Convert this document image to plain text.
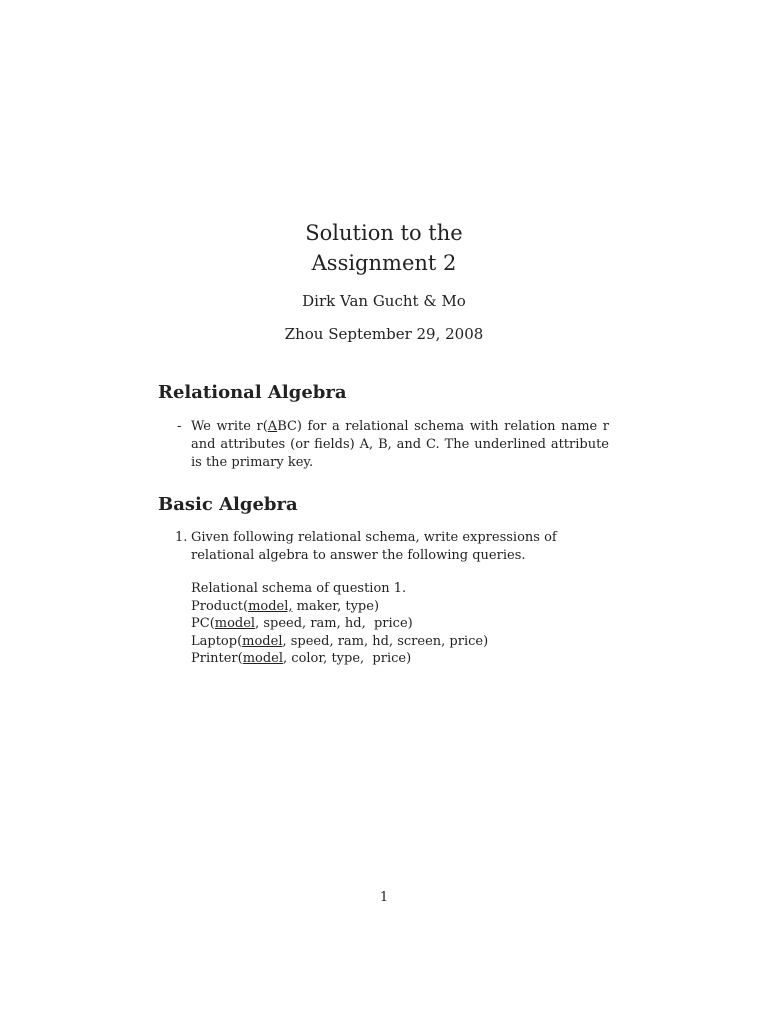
Solution to the
Assignment 2
Dirk Van Gucht & Mo
Zhou September 29, 2008
Relational Algebra
- We write r(ABC) for a relational schema with relation name r and attributes (or fields) A, B, and C. The underlined attribute is the primary key.
Basic Algebra
1. Given following relational schema, write expressions of relational algebra to answer the following queries.
Relational schema of question 1.
Product(model, maker, type)
PC(model, speed, ram, hd,  price)
Laptop(model, speed, ram, hd, screen, price)
Printer(model, color, type,  price)
1
